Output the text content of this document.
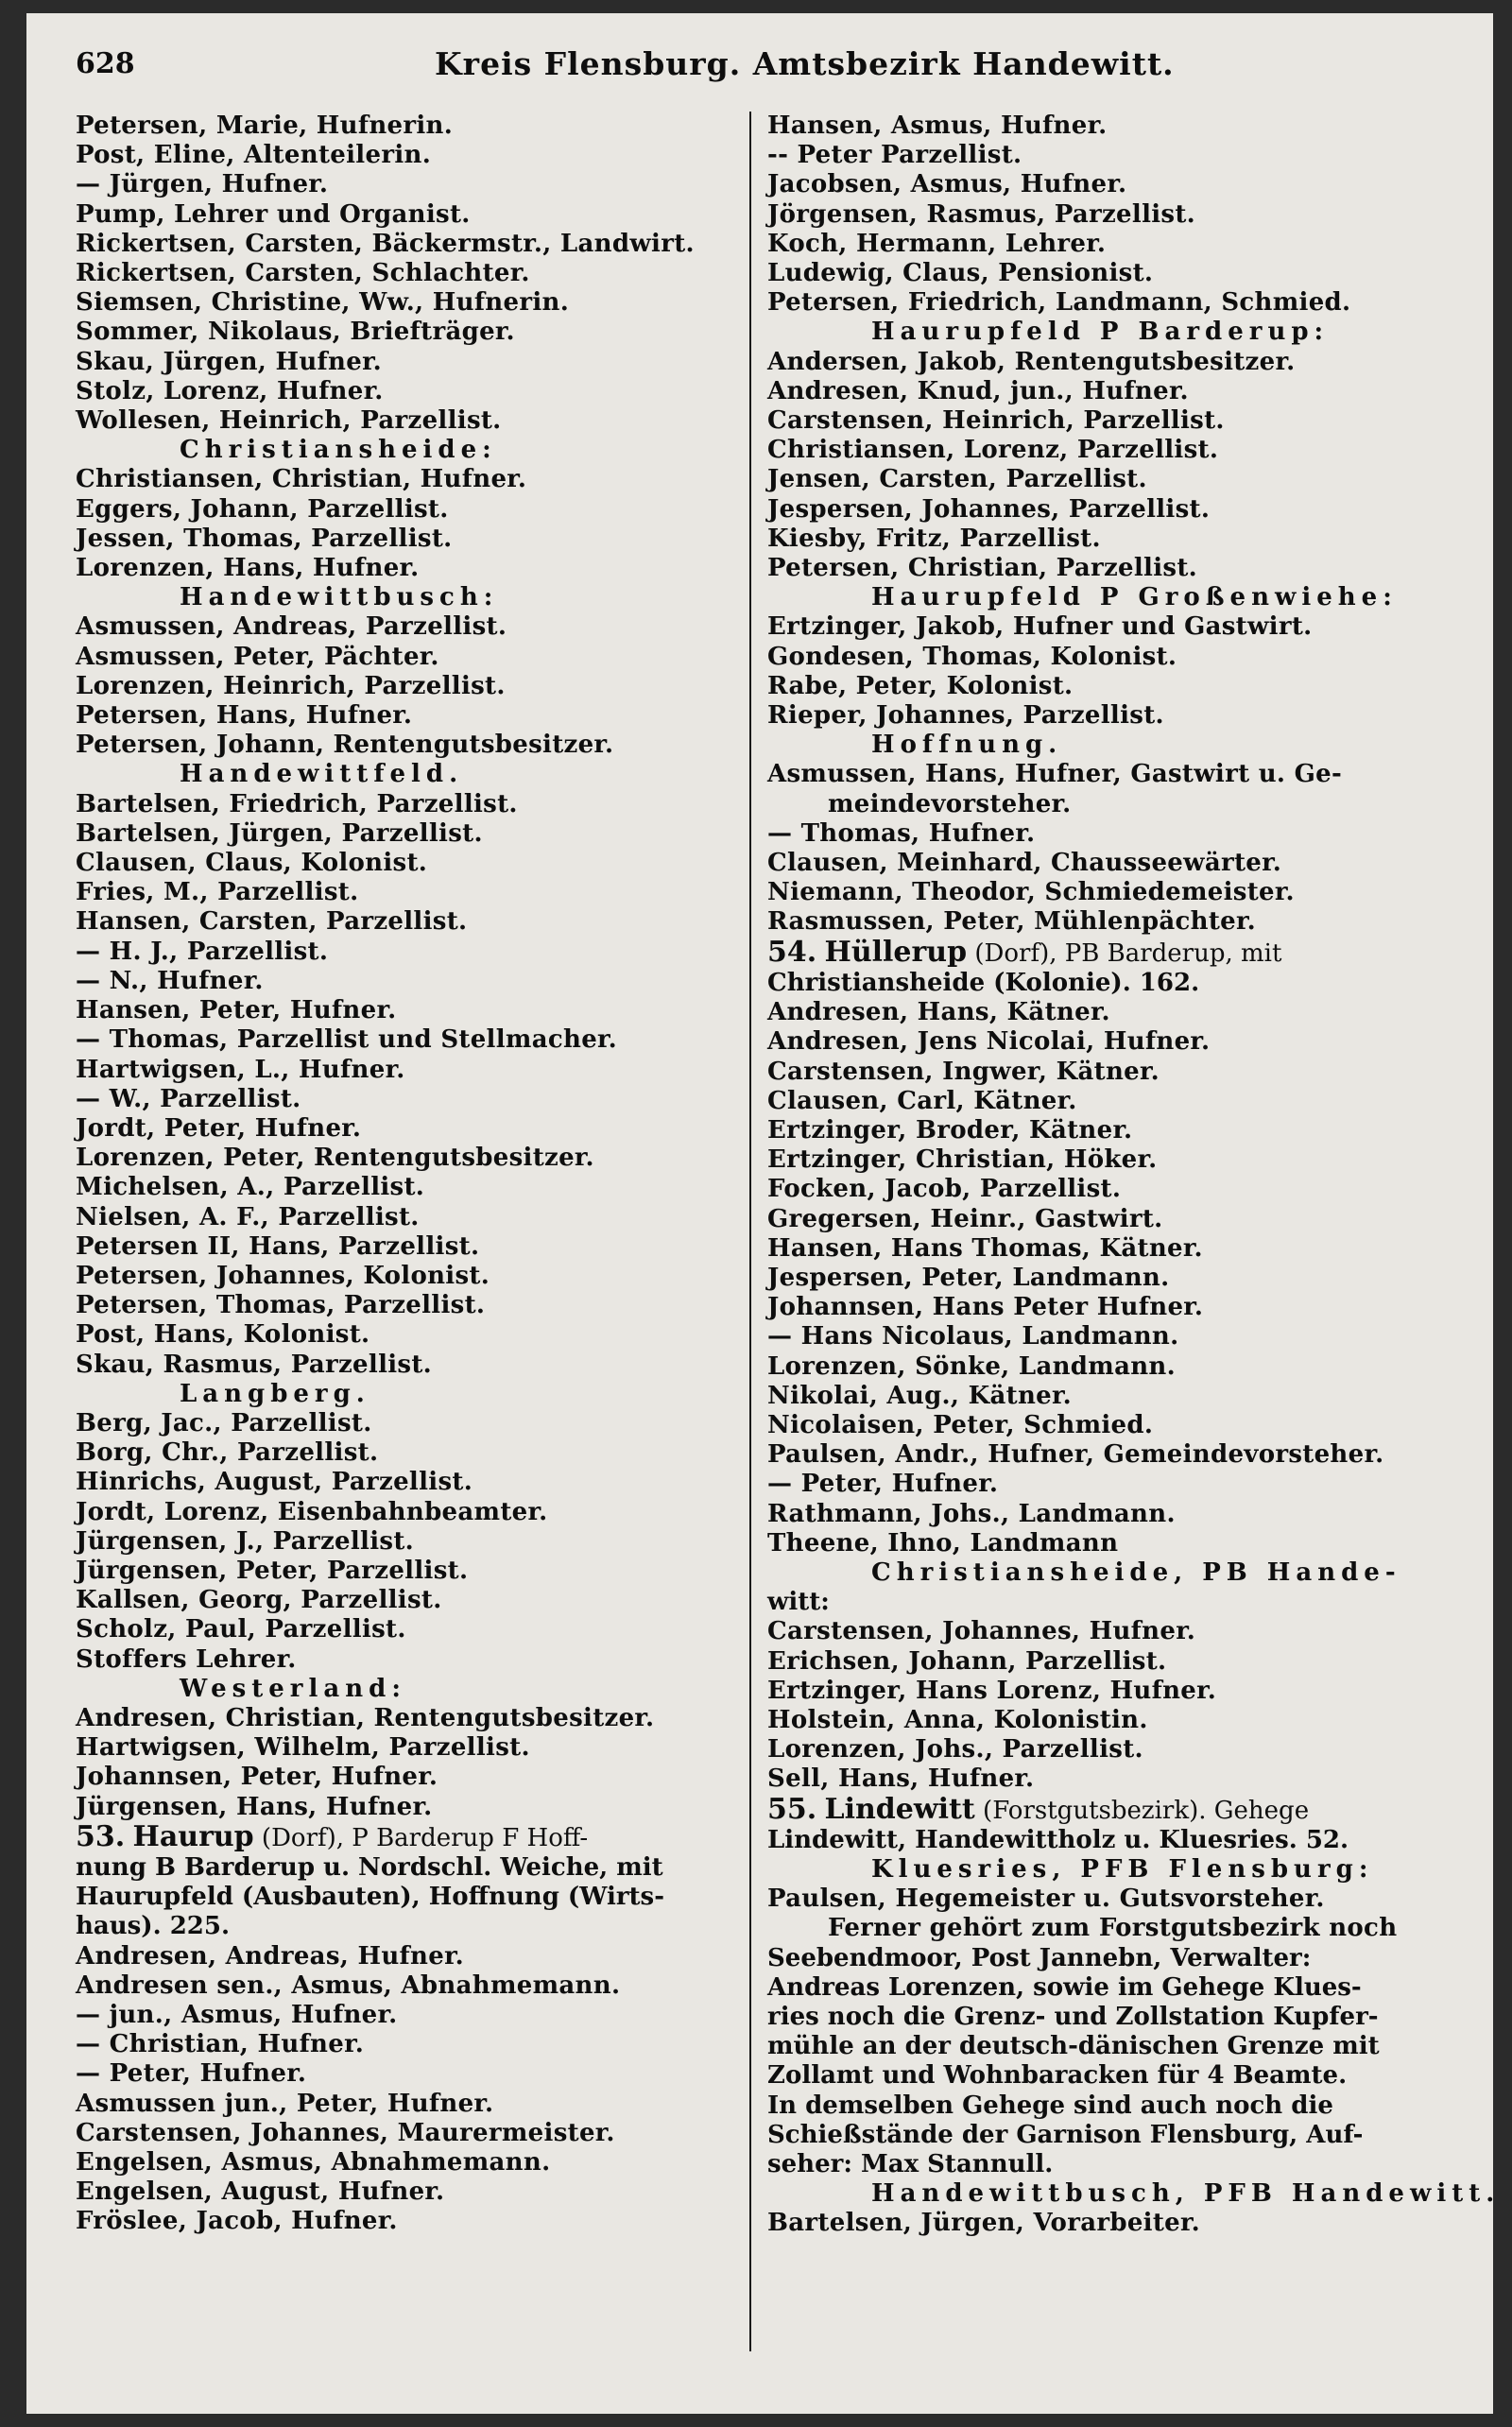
628	Kreis Flensburg. Amtsbezirk Handewitt.
Petersen, Marie, Hufnerin.
Post, Eline, Altenteilerin.
— Jürgen, Hufner.
Pump, Lehrer und Organist.
Rickertsen, Carsten, Bäckermstr., Landwirt.
Rickertsen, Carsten, Schlachter.
Siemsen, Christine, Ww., Hufnerin.
Sommer, Nikolaus, Briefträger.
Skau, Jürgen, Hufner.
Stolz, Lorenz, Hufner.
Wollesen, Heinrich, Parzellist.
Christiansheide:
Christiansen, Christian, Hufner.
Eggers, Johann, Parzellist.
Jessen, Thomas, Parzellist.
Lorenzen, Hans, Hufner.
Handewittbusch:
Asmussen, Andreas, Parzellist.
Asmussen, Peter, Pächter.
Lorenzen, Heinrich, Parzellist.
Petersen, Hans, Hufner.
Petersen, Johann, Rentengutsbesitzer.
Handewittfeld.
Bartelsen, Friedrich, Parzellist.
Bartelsen, Jürgen, Parzellist.
Clausen, Claus, Kolonist.
Fries, M., Parzellist.
Hansen, Carsten, Parzellist.
— H. J., Parzellist.
— N., Hufner.
Hansen, Peter, Hufner.
— Thomas, Parzellist und Stellmacher.
Hartwigsen, L., Hufner.
— W., Parzellist.
Jordt, Peter, Hufner.
Lorenzen, Peter, Rentengutsbesitzer.
Michelsen, A., Parzellist.
Nielsen, A. F., Parzellist.
Petersen II, Hans, Parzellist.
Petersen, Johannes, Kolonist.
Petersen, Thomas, Parzellist.
Post, Hans, Kolonist.
Skau, Rasmus, Parzellist.
Langberg.
Berg, Jac., Parzellist.
Borg, Chr., Parzellist.
Hinrichs, August, Parzellist.
Jordt, Lorenz, Eisenbahnbeamter.
Jürgensen, J., Parzellist.
Jürgensen, Peter, Parzellist.
Kallsen, Georg, Parzellist.
Scholz, Paul, Parzellist.
Stoffers Lehrer.
Westerland:
Andresen, Christian, Rentengutsbesitzer.
Hartwigsen, Wilhelm, Parzellist.
Johannsen, Peter, Hufner.
Jürgensen, Hans, Hufner.
53. Haurup (Dorf), P Barderup F Hoff-
nung B Barderup u. Nordschl. Weiche, mit
Haurupfeld (Ausbauten), Hoffnung (Wirts-
haus). 225.
Andresen, Andreas, Hufner.
Andresen sen., Asmus, Abnahmemann.
— jun., Asmus, Hufner.
— Christian, Hufner.
— Peter, Hufner.
Asmussen jun., Peter, Hufner.
Carstensen, Johannes, Maurermeister.
Engelsen, Asmus, Abnahmemann.
Engelsen, August, Hufner.
Fröslee, Jacob, Hufner.
Hansen, Asmus, Hufner.
-- Peter Parzellist.
Jacobsen, Asmus, Hufner.
Jörgensen, Rasmus, Parzellist.
Koch, Hermann, Lehrer.
Ludewig, Claus, Pensionist.
Petersen, Friedrich, Landmann, Schmied.
Haurupfeld P Barderup:
Andersen, Jakob, Rentengutsbesitzer.
Andresen, Knud, jun., Hufner.
Carstensen, Heinrich, Parzellist.
Christiansen, Lorenz, Parzellist.
Jensen, Carsten, Parzellist.
Jespersen, Johannes, Parzellist.
Kiesby, Fritz, Parzellist.
Petersen, Christian, Parzellist.
Haurupfeld P Großenwiehe:
Ertzinger, Jakob, Hufner und Gastwirt.
Gondesen, Thomas, Kolonist.
Rabe, Peter, Kolonist.
Rieper, Johannes, Parzellist.
Hoffnung.
Asmussen, Hans, Hufner, Gastwirt u. Ge-
meindevorsteher.
— Thomas, Hufner.
Clausen, Meinhard, Chausseewärter.
Niemann, Theodor, Schmiedemeister.
Rasmussen, Peter, Mühlenpächter.
54. Hüllerup (Dorf), PB Barderup, mit
Christiansheide (Kolonie). 162.
Andresen, Hans, Kätner.
Andresen, Jens Nicolai, Hufner.
Carstensen, Ingwer, Kätner.
Clausen, Carl, Kätner.
Ertzinger, Broder, Kätner.
Ertzinger, Christian, Höker.
Focken, Jacob, Parzellist.
Gregersen, Heinr., Gastwirt.
Hansen, Hans Thomas, Kätner.
Jespersen, Peter, Landmann.
Johannsen, Hans Peter Hufner.
— Hans Nicolaus, Landmann.
Lorenzen, Sönke, Landmann.
Nikolai, Aug., Kätner.
Nicolaisen, Peter, Schmied.
Paulsen, Andr., Hufner, Gemeindevorsteher.
— Peter, Hufner.
Rathmann, Johs., Landmann.
Theene, Ihno, Landmann
Christiansheide, PB Hande-
witt:
Carstensen, Johannes, Hufner.
Erichsen, Johann, Parzellist.
Ertzinger, Hans Lorenz, Hufner.
Holstein, Anna, Kolonistin.
Lorenzen, Johs., Parzellist.
Sell, Hans, Hufner.
55. Lindewitt (Forstgutsbezirk). Gehege
Lindewitt, Handewittholz u. Kluesries. 52.
Kluesries, PFB Flensburg:
Paulsen, Hegemeister u. Gutsvorsteher.
Ferner gehört zum Forstgutsbezirk noch
Seebendmoor, Post Jannebn, Verwalter:
Andreas Lorenzen, sowie im Gehege Klues-
ries noch die Grenz- und Zollstation Kupfer-
mühle an der deutsch-dänischen Grenze mit
Zollamt und Wohnbaracken für 4 Beamte.
In demselben Gehege sind auch noch die
Schießstände der Garnison Flensburg, Auf-
seher: Max Stannull.
Handewittbusch, PFB Handewitt.
Bartelsen, Jürgen, Vorarbeiter.
